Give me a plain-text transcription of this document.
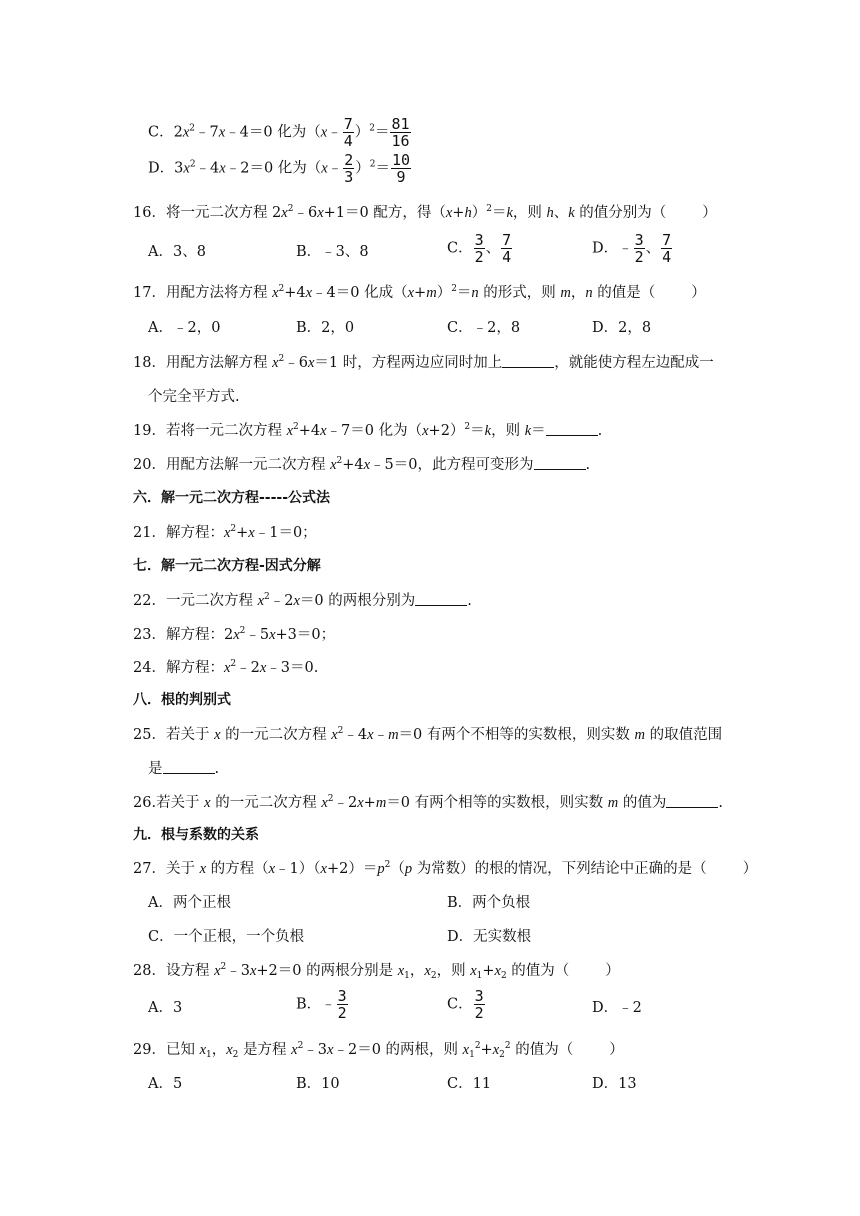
C．$2x^2﹣7x﹣4=0$ 化为（x﹣ $\frac{7}{4} )^2= \frac{81}{16}$
D．$3x^2﹣4x﹣2=0$ 化为（x﹣ $\frac{2}{3} )^2= \frac{10}{9}$
16．将一元二次方程 $2x^2﹣6x+1=0$ 配方，得$(x+h)^2=k$，则 h、k 的值分别为（ ）
A．3、8	B．﹣3、8	C． $\frac{3}{2}$ 、 $\frac{7}{4}$	D．﹣ $\frac{3}{2}$ 、 $\frac{7}{4}$
17．用配方法将方程 $x^2+4x﹣4=0$ 化成$(x+m)^2=n$ 的形式，则 m，n 的值是（ ）
A．﹣2，0	B．2，0	C．﹣2，8	D．2，8
18．用配方法解方程 $x^2﹣6x=1$ 时，方程两边应同时加上	，就能使方程左边配成一
个完全平方式.
19．若将一元二次方程 $x^2+4x﹣7=0$ 化为$(x+2)^2=k$，则 k＝	.
20．用配方法解一元二次方程 $x^2+4x﹣5=0$，此方程可变形为	.
六．解一元二次方程-----公式法
21．解方程：$x^2+x﹣1=0$；
七．解一元二次方程-因式分解
22．一元二次方程 $x^2﹣2x=0$ 的两根分别为	.
23．解方程：$2x^2﹣5x+3=0$；
24．解方程：$x^2﹣2x﹣3=0$.
八．根的判别式
25．若关于 x 的一元二次方程 $x^2﹣4x﹣m=0$ 有两个不相等的实数根，则实数 m 的取值范围
是	.
26.若关于 x 的一元二次方程 $x^2﹣2x+m=0$ 有两个相等的实数根，则实数 m 的值为	.
九．根与系数的关系
27．关于 x 的方程$(x﹣1)(x+2)=p^2(p$ 为常数）的根的情况，下列结论中正确的是（ ）
A．两个正根	B．两个负根
C．一个正根，一个负根	D．无实数根
28．设方程 $x^2﹣3x+2=0$ 的两根分别是 $x_1$，$x_2$，则 $x_1+x_2$ 的值为（ ）
A．3	B．﹣ $\frac{3}{2}$	C． $\frac{3}{2}$	D．﹣2
29．已知 $x_1$，$x_2$ 是方程 $x^2﹣3x﹣2=0$ 的两根，则 $x_1^2+x_2^2$ 的值为（ ）
A．5	B．10	C．11	D．13
